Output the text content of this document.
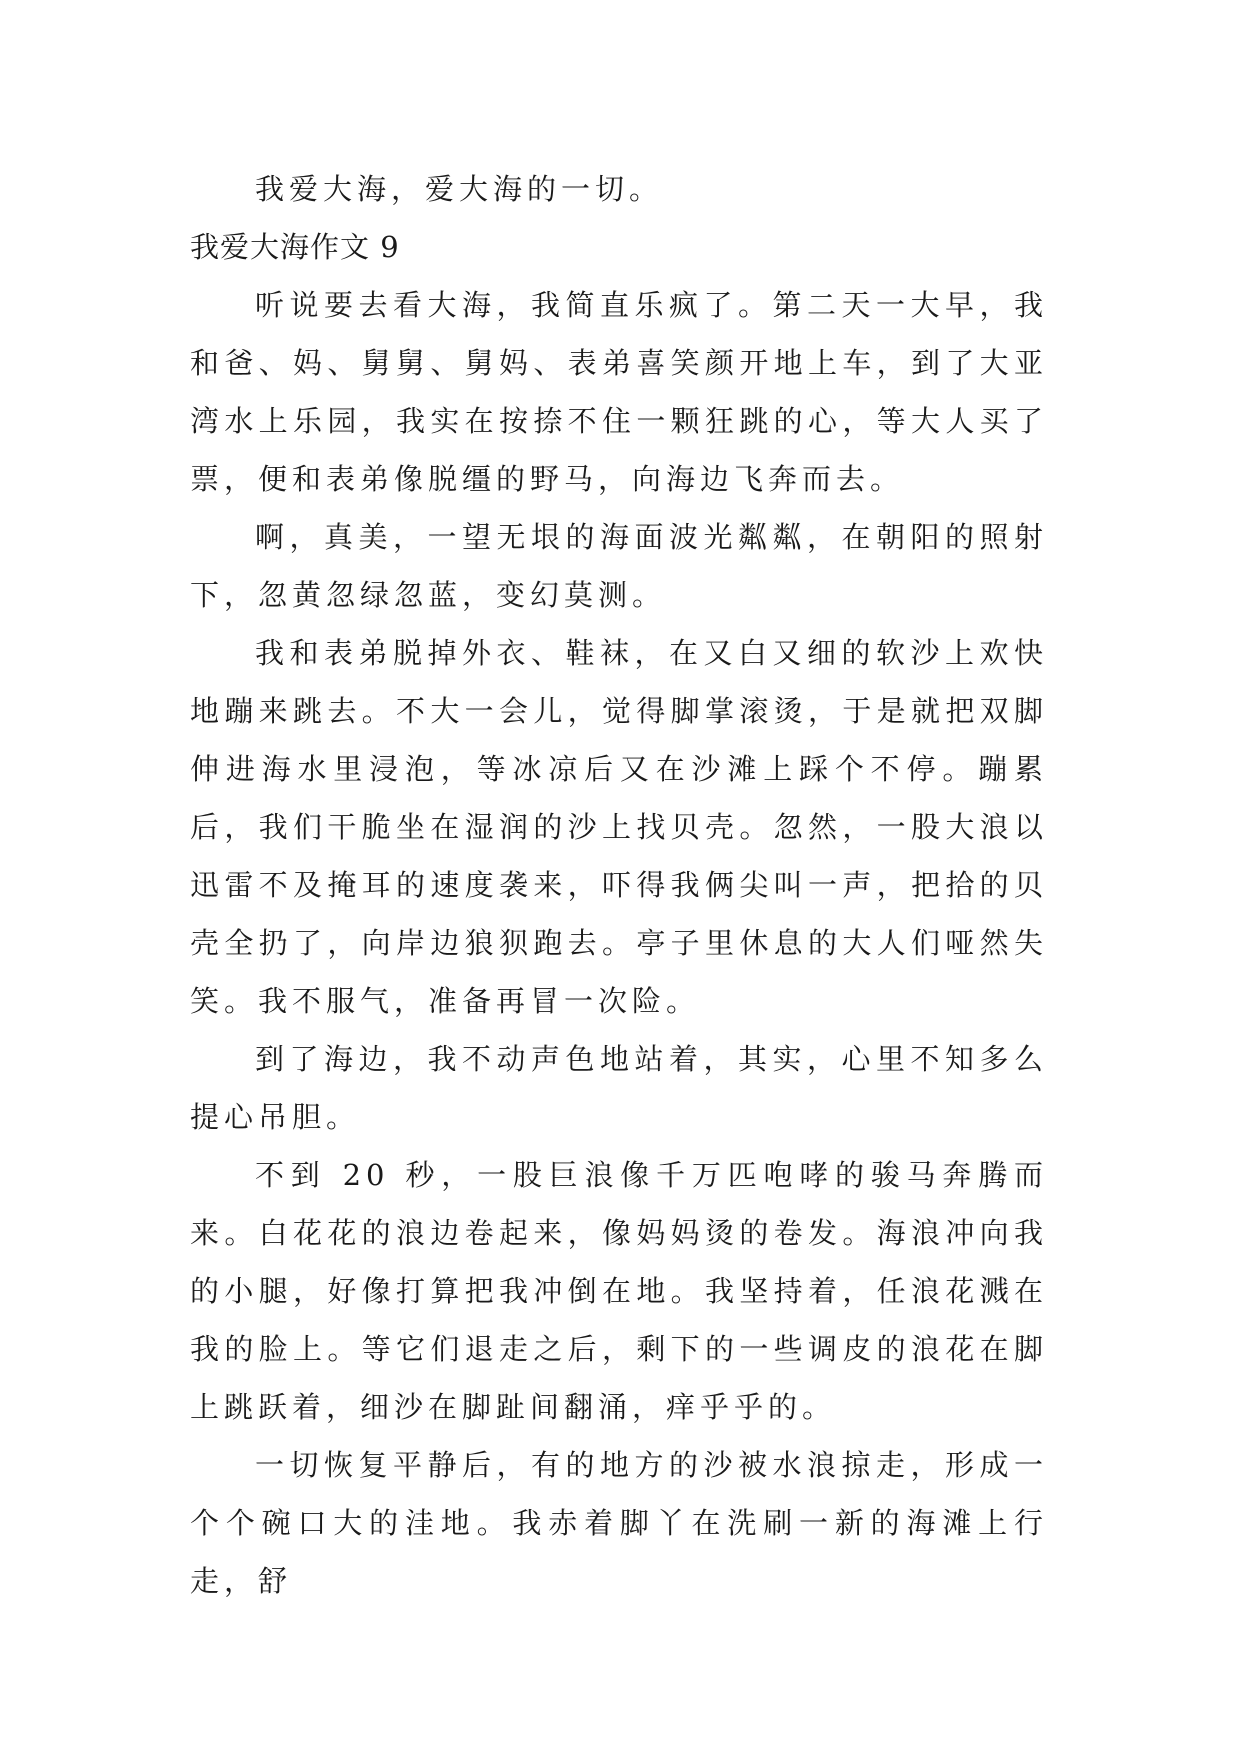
我爱大海，爱大海的一切。

我爱大海作文 9

听说要去看大海，我简直乐疯了。第二天一大早，我和爸、妈、舅舅、舅妈、表弟喜笑颜开地上车，到了大亚湾水上乐园，我实在按捺不住一颗狂跳的心，等大人买了票，便和表弟像脱缰的野马，向海边飞奔而去。

啊，真美，一望无垠的海面波光粼粼，在朝阳的照射下，忽黄忽绿忽蓝，变幻莫测。

我和表弟脱掉外衣、鞋袜，在又白又细的软沙上欢快地蹦来跳去。不大一会儿，觉得脚掌滚烫，于是就把双脚伸进海水里浸泡，等冰凉后又在沙滩上踩个不停。蹦累后，我们干脆坐在湿润的沙上找贝壳。忽然，一股大浪以迅雷不及掩耳的速度袭来，吓得我俩尖叫一声，把拾的贝壳全扔了，向岸边狼狈跑去。亭子里休息的大人们哑然失笑。我不服气，准备再冒一次险。

到了海边，我不动声色地站着，其实，心里不知多么提心吊胆。

不到 20 秒，一股巨浪像千万匹咆哮的骏马奔腾而来。白花花的浪边卷起来，像妈妈烫的卷发。海浪冲向我的小腿，好像打算把我冲倒在地。我坚持着，任浪花溅在我的脸上。等它们退走之后，剩下的一些调皮的浪花在脚上跳跃着，细沙在脚趾间翻涌，痒乎乎的。

一切恢复平静后，有的地方的沙被水浪掠走，形成一个个碗口大的洼地。我赤着脚丫在洗刷一新的海滩上行走，舒
